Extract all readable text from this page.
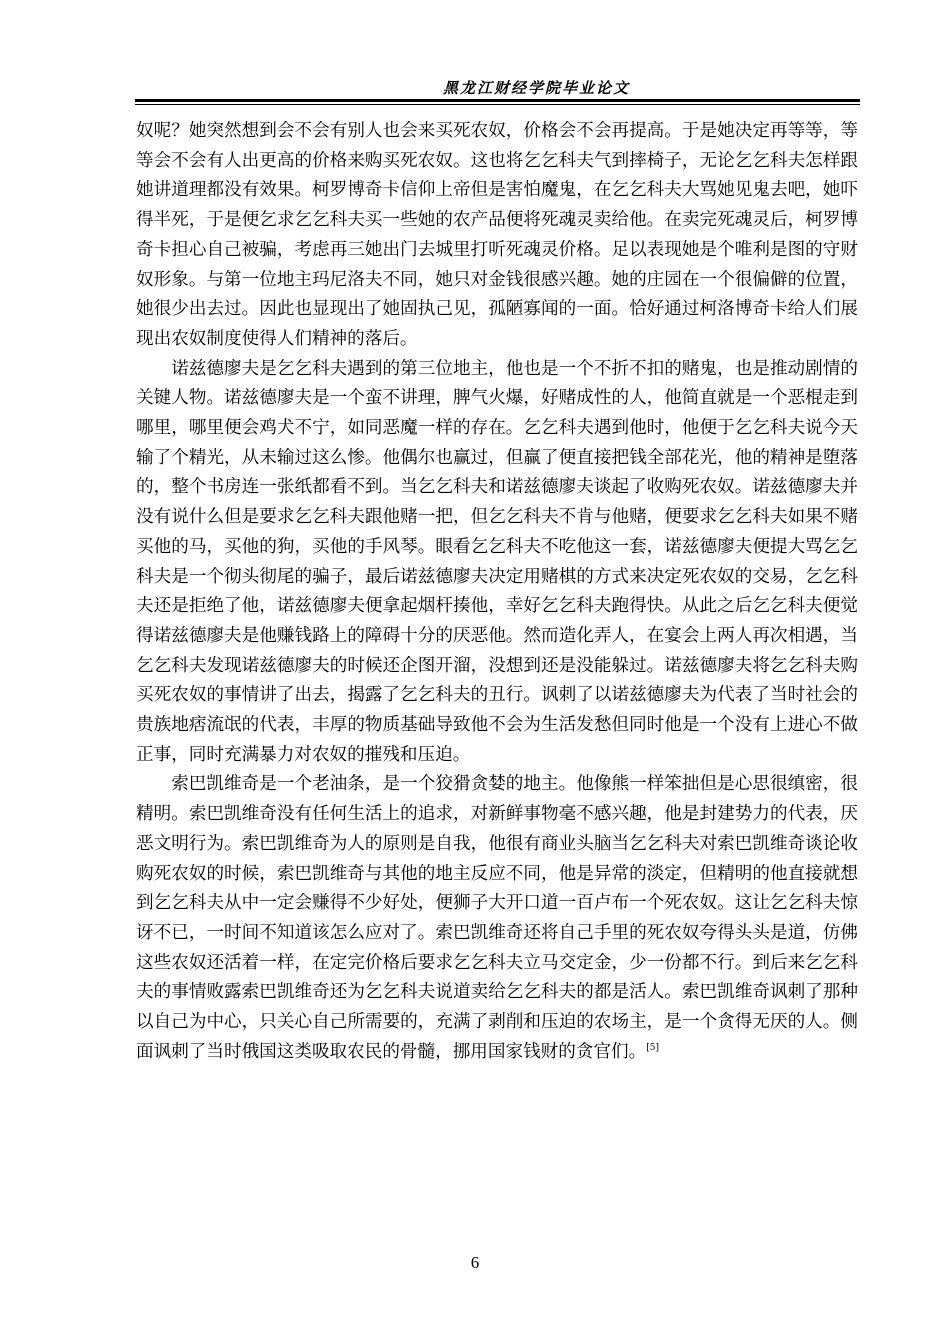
黑龙江财经学院毕业论文

奴呢？她突然想到会不会有别人也会来买死农奴，价格会不会再提高。于是她决定再等等，等等会不会有人出更高的价格来购买死农奴。这也将乞乞科夫气到摔椅子，无论乞乞科夫怎样跟她讲道理都没有效果。柯罗博奇卡信仰上帝但是害怕魔鬼，在乞乞科夫大骂她见鬼去吧，她吓得半死，于是便乞求乞乞科夫买一些她的农产品便将死魂灵卖给他。在卖完死魂灵后，柯罗博奇卡担心自己被骗，考虑再三她出门去城里打听死魂灵价格。足以表现她是个唯利是图的守财奴形象。与第一位地主玛尼洛夫不同，她只对金钱很感兴趣。她的庄园在一个很偏僻的位置，她很少出去过。因此也显现出了她固执己见，孤陋寡闻的一面。恰好通过柯洛博奇卡给人们展现出农奴制度使得人们精神的落后。

诺兹德廖夫是乞乞科夫遇到的第三位地主，他也是一个不折不扣的赌鬼，也是推动剧情的关键人物。诺兹德廖夫是一个蛮不讲理，脾气火爆，好赌成性的人，他简直就是一个恶棍走到哪里，哪里便会鸡犬不宁，如同恶魔一样的存在。乞乞科夫遇到他时，他便于乞乞科夫说今天输了个精光，从未输过这么惨。他偶尔也赢过，但赢了便直接把钱全部花光，他的精神是堕落的，整个书房连一张纸都看不到。当乞乞科夫和诺兹德廖夫谈起了收购死农奴。诺兹德廖夫并没有说什么但是要求乞乞科夫跟他赌一把，但乞乞科夫不肯与他赌，便要求乞乞科夫如果不赌买他的马，买他的狗，买他的手风琴。眼看乞乞科夫不吃他这一套，诺兹德廖夫便提大骂乞乞科夫是一个彻头彻尾的骗子，最后诺兹德廖夫决定用赌棋的方式来决定死农奴的交易，乞乞科夫还是拒绝了他，诺兹德廖夫便拿起烟杆揍他，幸好乞乞科夫跑得快。从此之后乞乞科夫便觉得诺兹德廖夫是他赚钱路上的障碍十分的厌恶他。然而造化弄人，在宴会上两人再次相遇，当乞乞科夫发现诺兹德廖夫的时候还企图开溜，没想到还是没能躲过。诺兹德廖夫将乞乞科夫购买死农奴的事情讲了出去，揭露了乞乞科夫的丑行。讽刺了以诺兹德廖夫为代表了当时社会的贵族地痞流氓的代表，丰厚的物质基础导致他不会为生活发愁但同时他是一个没有上进心不做正事，同时充满暴力对农奴的摧残和压迫。

索巴凯维奇是一个老油条，是一个狡猾贪婪的地主。他像熊一样笨拙但是心思很缜密，很精明。索巴凯维奇没有任何生活上的追求，对新鲜事物毫不感兴趣，他是封建势力的代表，厌恶文明行为。索巴凯维奇为人的原则是自我，他很有商业头脑当乞乞科夫对索巴凯维奇谈论收购死农奴的时候，索巴凯维奇与其他的地主反应不同，他是异常的淡定，但精明的他直接就想到乞乞科夫从中一定会赚得不少好处，便狮子大开口道一百卢布一个死农奴。这让乞乞科夫惊讶不已，一时间不知道该怎么应对了。索巴凯维奇还将自己手里的死农奴夸得头头是道，仿佛这些农奴还活着一样，在定完价格后要求乞乞科夫立马交定金，少一份都不行。到后来乞乞科夫的事情败露索巴凯维奇还为乞乞科夫说道卖给乞乞科夫的都是活人。索巴凯维奇讽刺了那种以自己为中心，只关心自己所需要的，充满了剥削和压迫的农场主，是一个贪得无厌的人。侧面讽刺了当时俄国这类吸取农民的骨髓，挪用国家钱财的贪官们。[5]

6
